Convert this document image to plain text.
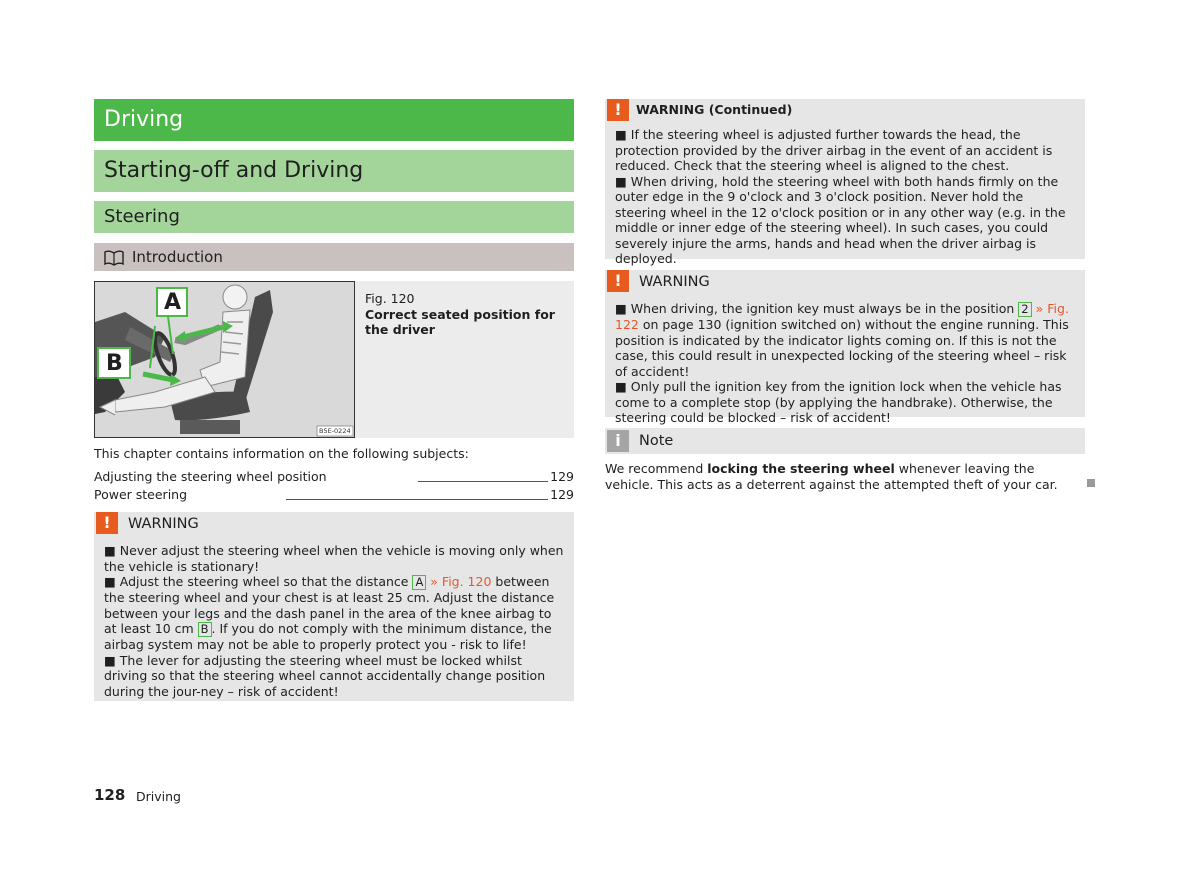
Driving
Starting-off and Driving
Steering
Introduction
A
B
B5E-0224
Fig. 120
Correct seated position for the driver
This chapter contains information on the following subjects:
Adjusting the steering wheel position	129
Power steering	129
!	WARNING
■ Never adjust the steering wheel when the vehicle is moving only when the vehicle is stationary!
■ Adjust the steering wheel so that the distance A » Fig. 120 between the steering wheel and your chest is at least 25 cm. Adjust the distance between your legs and the dash panel in the area of the knee airbag to at least 10 cm B . If you do not comply with the minimum distance, the airbag system may not be able to properly protect you - risk to life!
■ The lever for adjusting the steering wheel must be locked whilst driving so that the steering wheel cannot accidentally change position during the jour-ney – risk of accident!
!	WARNING (Continued)
■ If the steering wheel is adjusted further towards the head, the protection provided by the driver airbag in the event of an accident is reduced. Check that the steering wheel is aligned to the chest.
■ When driving, hold the steering wheel with both hands firmly on the outer edge in the 9 o'clock and 3 o'clock position. Never hold the steering wheel in the 12 o'clock position or in any other way (e.g. in the middle or inner edge of the steering wheel). In such cases, you could severely injure the arms, hands and head when the driver airbag is deployed.
!	WARNING
■ When driving, the ignition key must always be in the position 2 » Fig. 122 on page 130 (ignition switched on) without the engine running. This position is indicated by the indicator lights coming on. If this is not the case, this could result in unexpected locking of the steering wheel – risk of accident!
■ Only pull the ignition key from the ignition lock when the vehicle has come to a complete stop (by applying the handbrake). Otherwise, the steering could be blocked – risk of accident!
i	Note
We recommend locking the steering wheel whenever leaving the vehicle. This acts as a deterrent against the attempted theft of your car.
128 Driving
